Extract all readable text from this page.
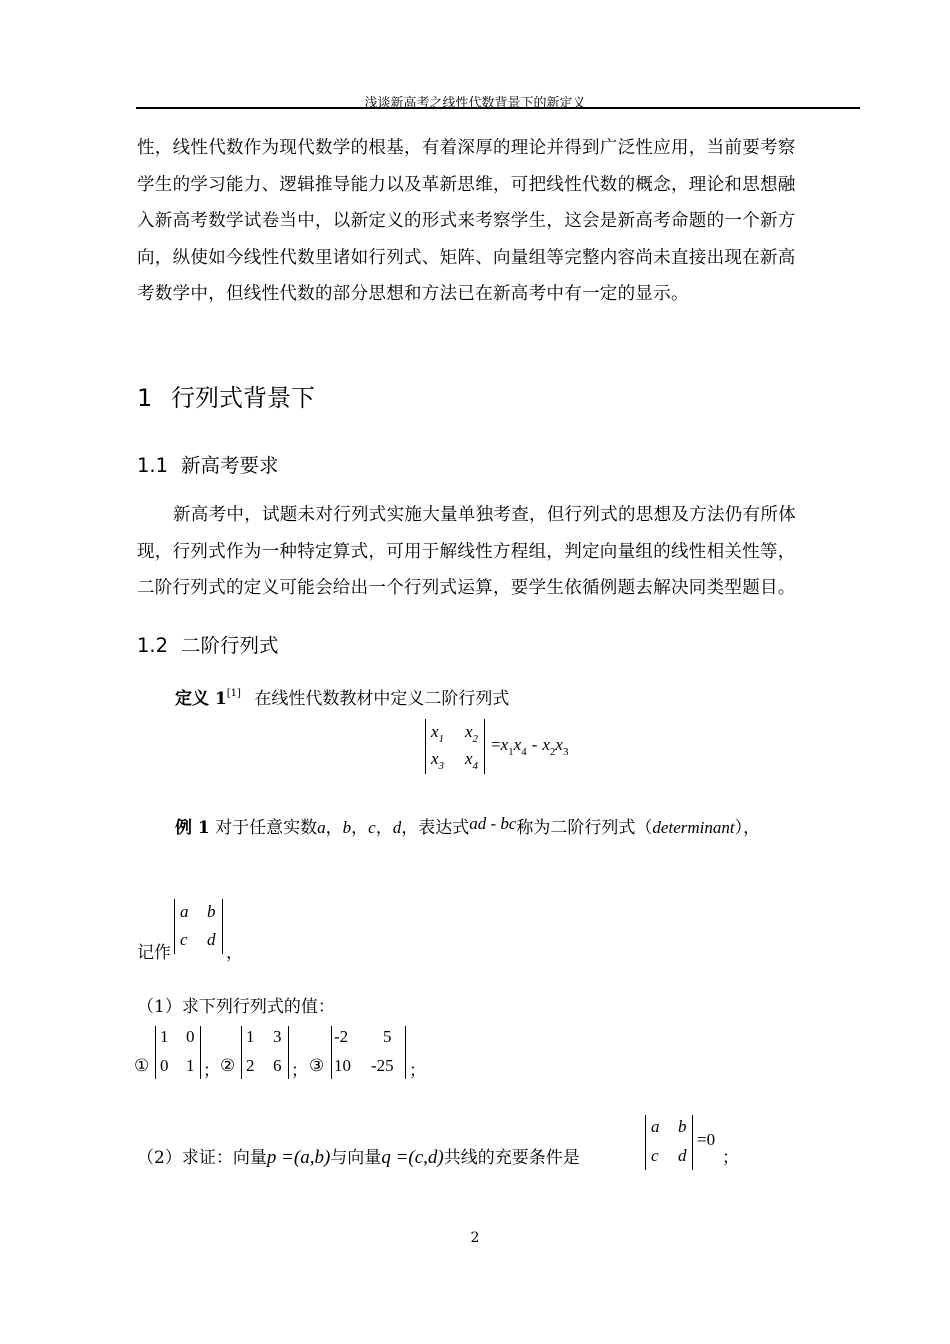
浅谈新高考之线性代数背景下的新定义
性，线性代数作为现代数学的根基，有着深厚的理论并得到广泛性应用，当前要考察
学生的学习能力、逻辑推导能力以及革新思维，可把线性代数的概念，理论和思想融
入新高考数学试卷当中，以新定义的形式来考察学生，这会是新高考命题的一个新方
向，纵使如今线性代数里诸如行列式、矩阵、向量组等完整内容尚未直接出现在新高
考数学中，但线性代数的部分思想和方法已在新高考中有一定的显示。
1 行列式背景下
1.1 新高考要求
新高考中，试题未对行列式实施大量单独考查，但行列式的思想及方法仍有所体
现，行列式作为一种特定算式，可用于解线性方程组，判定向量组的线性相关性等，
二阶行列式的定义可能会给出一个行列式运算，要学生依循例题去解决同类型题目。
1.2 二阶行列式
定义 1[1] 在线性代数教材中定义二阶行列式
$x_1$ $x_2$
$x_3$ $x_4$
$=x_1x_4 - x_2x_3$
例 1 对于任意实数a，b，c，d，表达式ad - bc称为二阶行列式（determinant），
记作
a b
c d
，
（1）求下列行列式的值：
①
1 0
0 1 ； ②
1 3
2 6 ； ③
-2 5
10 -25 ；
（2）求证：向量p =(a,b)与向量q =(c,d)共线的充要条件是
a b
c d
=0
；
2
